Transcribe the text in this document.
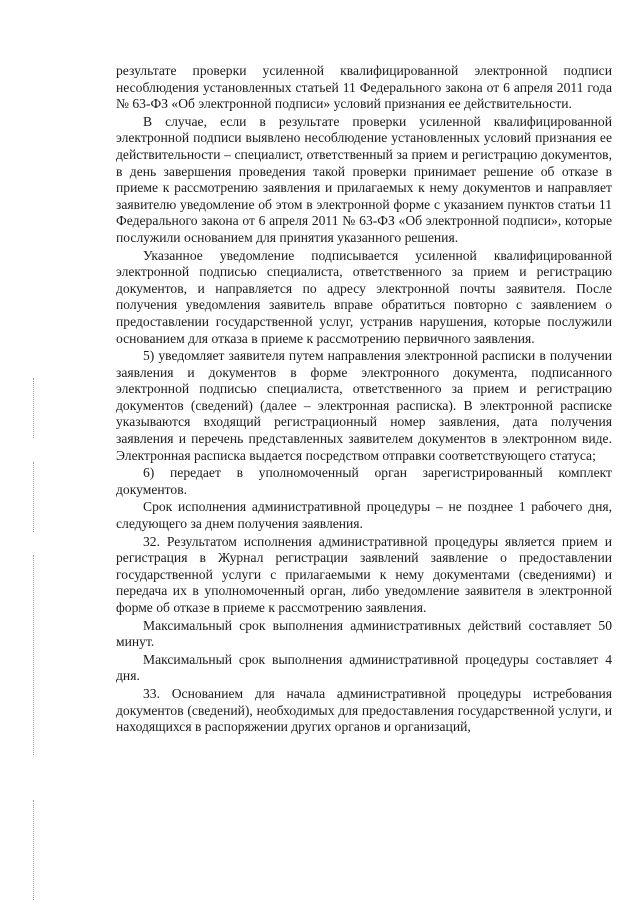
результате проверки усиленной квалифицированной электронной подписи несоблюдения установленных статьей 11 Федерального закона от 6 апреля 2011 года № 63-ФЗ «Об электронной подписи» условий признания ее действительности.

В случае, если в результате проверки усиленной квалифицированной электронной подписи выявлено несоблюдение установленных условий признания ее действительности – специалист, ответственный за прием и регистрацию документов, в день завершения проведения такой проверки принимает решение об отказе в приеме к рассмотрению заявления и прилагаемых к нему документов и направляет заявителю уведомление об этом в электронной форме с указанием пунктов статьи 11 Федерального закона от 6 апреля 2011 № 63-ФЗ «Об электронной подписи», которые послужили основанием для принятия указанного решения.

Указанное уведомление подписывается усиленной квалифицированной электронной подписью специалиста, ответственного за прием и регистрацию документов, и направляется по адресу электронной почты заявителя. После получения уведомления заявитель вправе обратиться повторно с заявлением о предоставлении государственной услуг, устранив нарушения, которые послужили основанием для отказа в приеме к рассмотрению первичного заявления.

5) уведомляет заявителя путем направления электронной расписки в получении заявления и документов в форме электронного документа, подписанного электронной подписью специалиста, ответственного за прием и регистрацию документов (сведений) (далее – электронная расписка). В электронной расписке указываются входящий регистрационный номер заявления, дата получения заявления и перечень представленных заявителем документов в электронном виде. Электронная расписка выдается посредством отправки соответствующего статуса;

6) передает в уполномоченный орган зарегистрированный комплект документов.

Срок исполнения административной процедуры – не позднее 1 рабочего дня, следующего за днем получения заявления.

32. Результатом исполнения административной процедуры является прием и регистрация в Журнал регистрации заявлений заявление о предоставлении государственной услуги с прилагаемыми к нему документами (сведениями) и передача их в уполномоченный орган, либо уведомление заявителя в электронной форме об отказе в приеме к рассмотрению заявления.

Максимальный срок выполнения административных действий составляет 50 минут.

Максимальный срок выполнения административной процедуры составляет 4 дня.

33. Основанием для начала административной процедуры истребования документов (сведений), необходимых для предоставления государственной услуги, и находящихся в распоряжении других органов и организаций,
